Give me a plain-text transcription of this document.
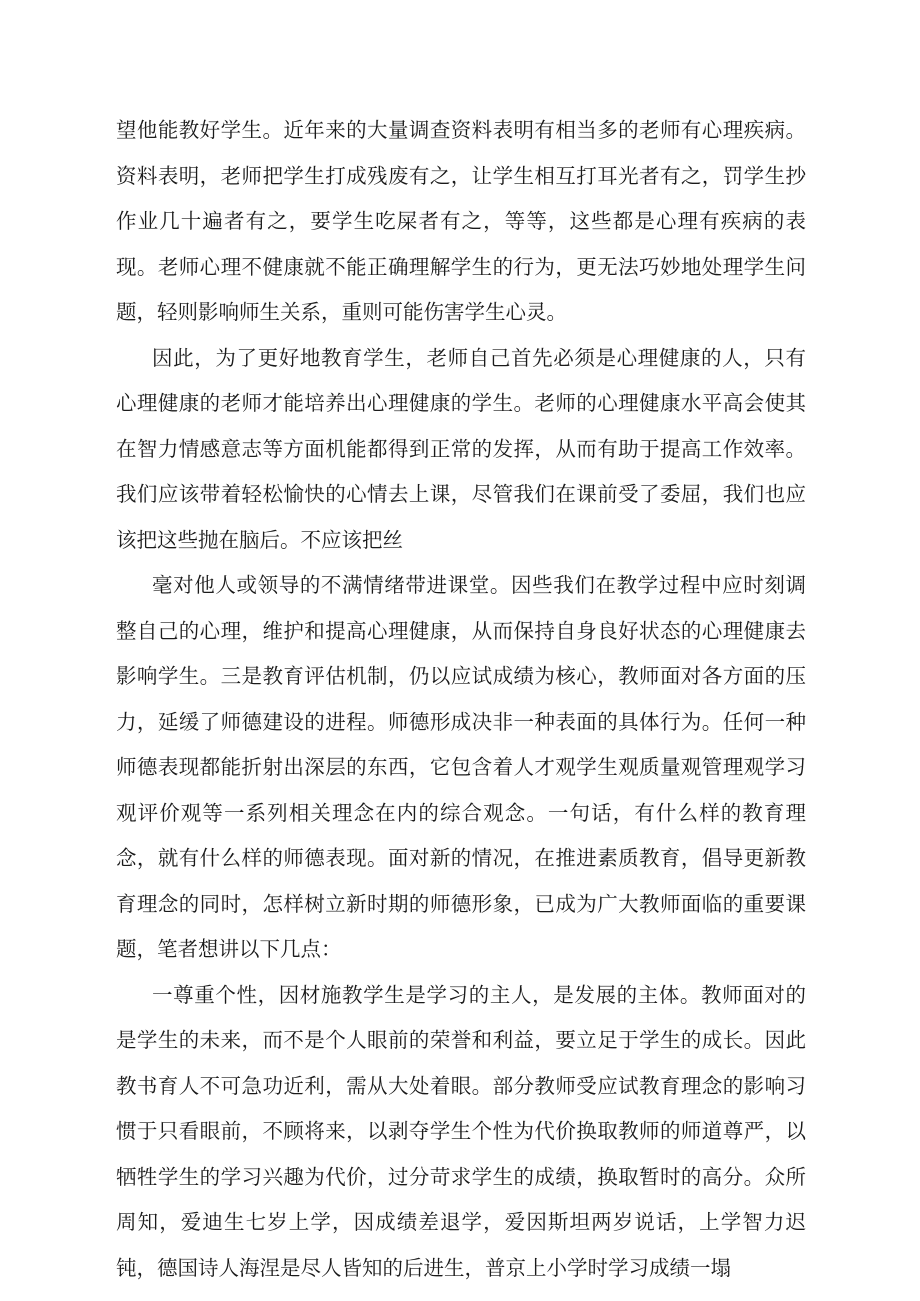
望他能教好学生。近年来的大量调查资料表明有相当多的老师有心理疾病。资料表明，老师把学生打成残废有之，让学生相互打耳光者有之，罚学生抄作业几十遍者有之，要学生吃屎者有之，等等，这些都是心理有疾病的表现。老师心理不健康就不能正确理解学生的行为，更无法巧妙地处理学生问题，轻则影响师生关系，重则可能伤害学生心灵。

因此，为了更好地教育学生，老师自己首先必须是心理健康的人，只有心理健康的老师才能培养出心理健康的学生。老师的心理健康水平高会使其在智力情感意志等方面机能都得到正常的发挥，从而有助于提高工作效率。我们应该带着轻松愉快的心情去上课，尽管我们在课前受了委屈，我们也应该把这些抛在脑后。不应该把丝

毫对他人或领导的不满情绪带进课堂。因些我们在教学过程中应时刻调整自己的心理，维护和提高心理健康，从而保持自身良好状态的心理健康去影响学生。三是教育评估机制，仍以应试成绩为核心，教师面对各方面的压力，延缓了师德建设的进程。师德形成决非一种表面的具体行为。任何一种师德表现都能折射出深层的东西，它包含着人才观学生观质量观管理观学习观评价观等一系列相关理念在内的综合观念。一句话，有什么样的教育理念，就有什么样的师德表现。面对新的情况，在推进素质教育，倡导更新教育理念的同时，怎样树立新时期的师德形象，已成为广大教师面临的重要课题，笔者想讲以下几点：

一尊重个性，因材施教学生是学习的主人，是发展的主体。教师面对的是学生的未来，而不是个人眼前的荣誉和利益，要立足于学生的成长。因此教书育人不可急功近利，需从大处着眼。部分教师受应试教育理念的影响习惯于只看眼前，不顾将来，以剥夺学生个性为代价换取教师的师道尊严，以牺牲学生的学习兴趣为代价，过分苛求学生的成绩，换取暂时的高分。众所周知，爱迪生七岁上学，因成绩差退学，爱因斯坦两岁说话，上学智力迟钝，德国诗人海涅是尽人皆知的后进生，普京上小学时学习成绩一塌
